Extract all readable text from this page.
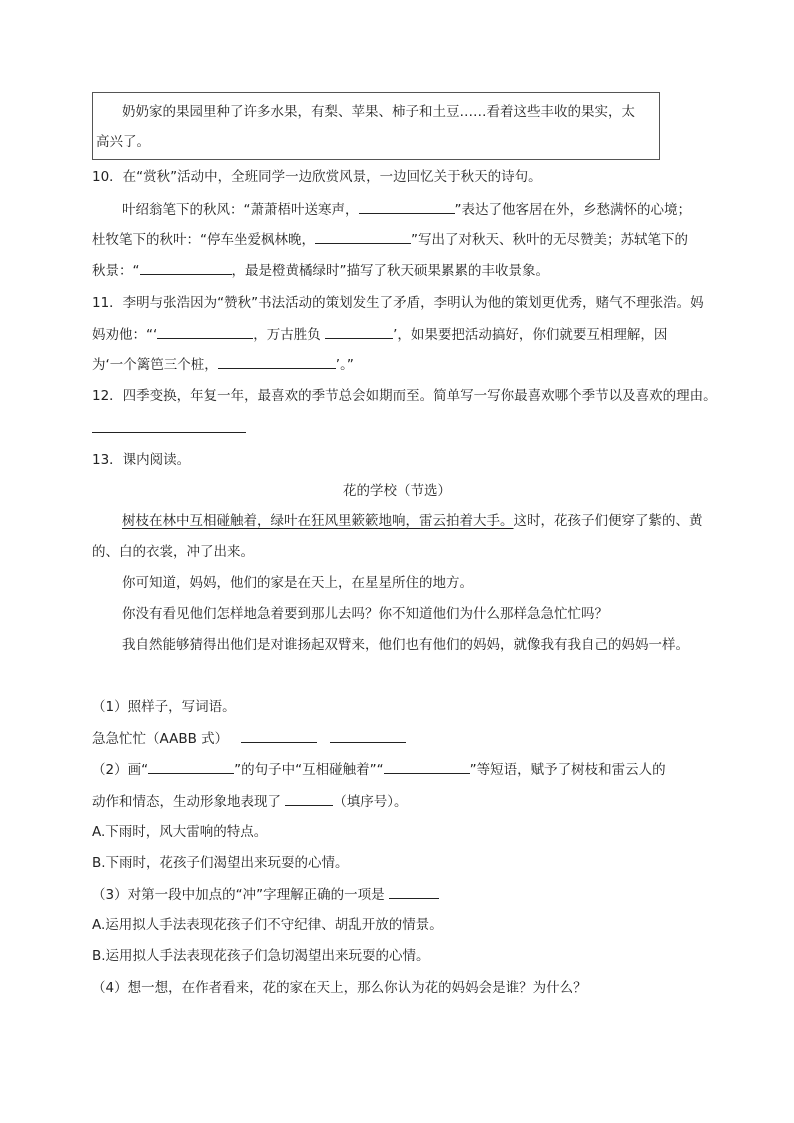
奶奶家的果园里种了许多水果，有梨、苹果、柿子和土豆……看着这些丰收的果实，太
高兴了。
10．在“赏秋”活动中，全班同学一边欣赏风景，一边回忆关于秋天的诗句。
叶绍翁笔下的秋风：“萧萧梧叶送寒声，	”表达了他客居在外，乡愁满怀的心境；
杜牧笔下的秋叶：“停车坐爱枫林晚，	”写出了对秋天、秋叶的无尽赞美；苏轼笔下的
秋景：“	，最是橙黄橘绿时”描写了秋天硕果累累的丰收景象。
11．李明与张浩因为“赞秋”书法活动的策划发生了矛盾，李明认为他的策划更优秀，赌气不理张浩。妈
妈劝他：“‘	，万古胜负	’，如果要把活动搞好，你们就要互相理解，因
为‘一个篱笆三个桩，	’。”
12．四季变换，年复一年，最喜欢的季节总会如期而至。简单写一写你最喜欢哪个季节以及喜欢的理由。
13．课内阅读。
花的学校（节选）
树枝在林中互相碰触着，绿叶在狂风里簌簌地响，雷云拍着大手。这时，花孩子们便穿了紫的、黄
的、白的衣裳，冲了出来。
你可知道，妈妈，他们的家是在天上，在星星所住的地方。
你没有看见他们怎样地急着要到那儿去吗？你不知道他们为什么那样急急忙忙吗？
我自然能够猜得出他们是对谁扬起双臂来，他们也有他们的妈妈，就像我有我自己的妈妈一样。
（1）照样子，写词语。
急急忙忙（AABB 式）
（2）画“	”的句子中“互相碰触着”“	”等短语，赋予了树枝和雷云人的
动作和情态，生动形象地表现了	（填序号）。
A.下雨时，风大雷响的特点。
B.下雨时，花孩子们渴望出来玩耍的心情。
（3）对第一段中加点的“冲”字理解正确的一项是
A.运用拟人手法表现花孩子们不守纪律、胡乱开放的情景。
B.运用拟人手法表现花孩子们急切渴望出来玩耍的心情。
（4）想一想，在作者看来，花的家在天上，那么你认为花的妈妈会是谁？为什么？
